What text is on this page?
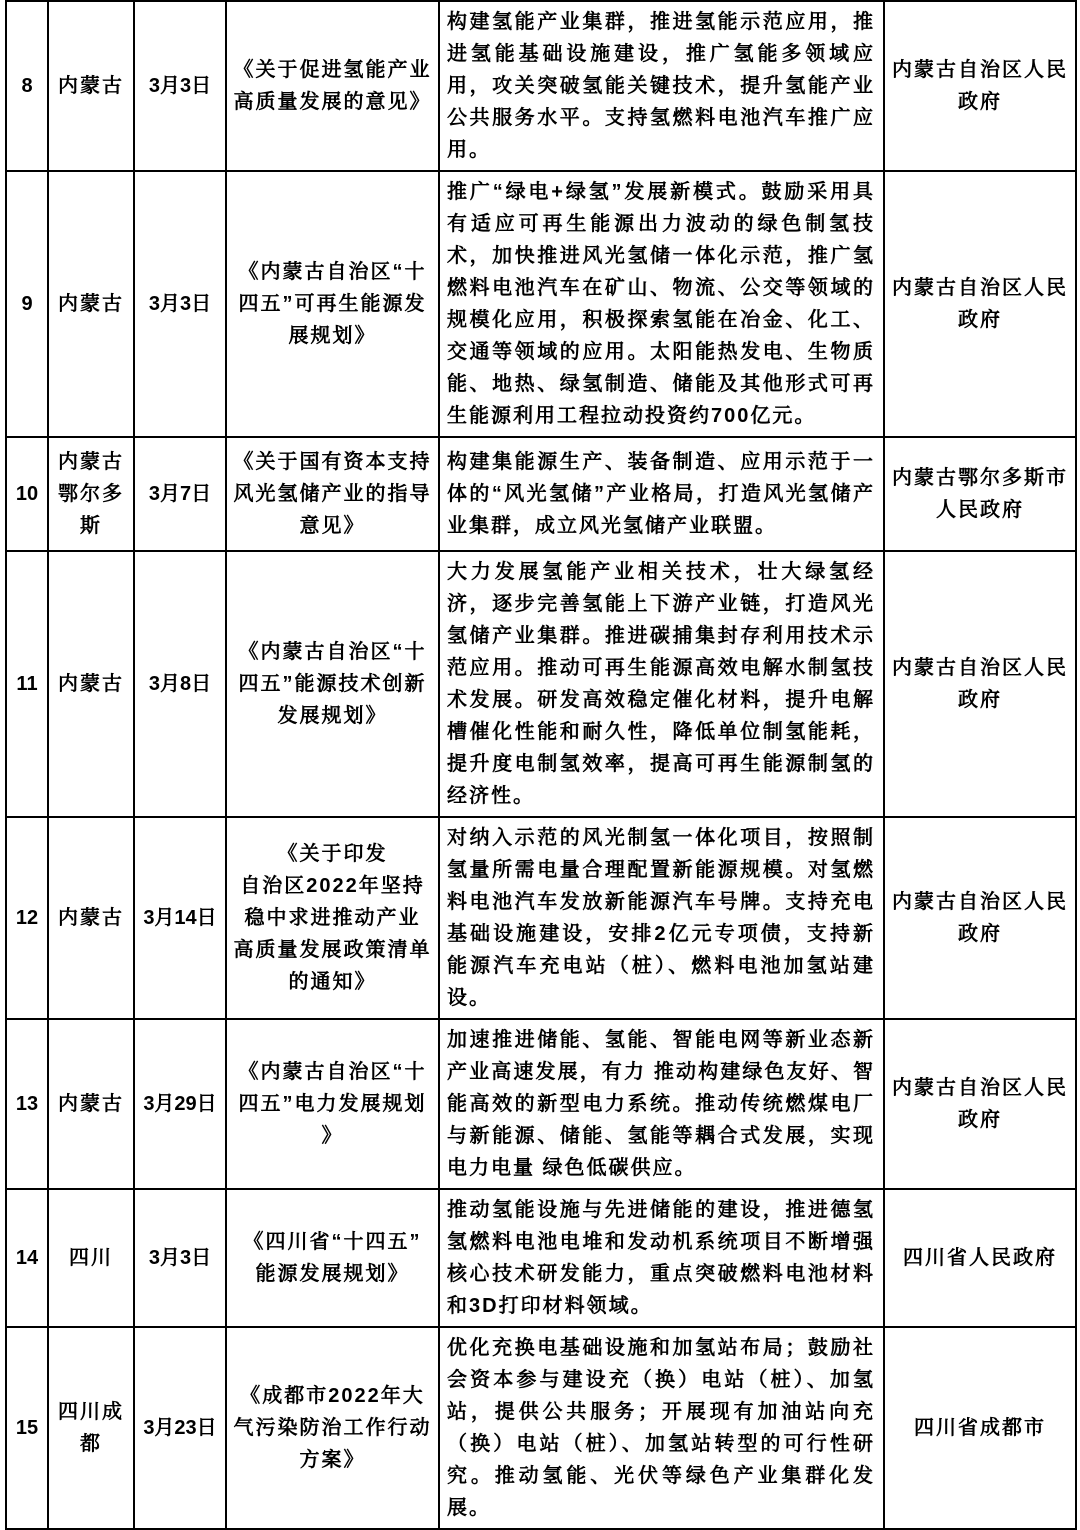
8	内蒙古	3月3日	《关于促进氢能产业
高质量发展的意见》	构建氢能产业集群，推进氢能示范应用，推进氢能基础设施建设，推广氢能多领域应用，攻关突破氢能关键技术，提升氢能产业公共服务水平。支持氢燃料电池汽车推广应用。	内蒙古自治区人民政府
9	内蒙古	3月3日	《内蒙古自治区“十
四五”可再生能源发
展规划》	推广“绿电+绿氢”发展新模式。鼓励采用具有适应可再生能源出力波动的绿色制氢技术，加快推进风光氢储一体化示范，推广氢燃料电池汽车在矿山、物流、公交等领域的规模化应用，积极探索氢能在冶金、化工、交通等领域的应用。太阳能热发电、生物质能、地热、绿氢制造、储能及其他形式可再生能源利用工程拉动投资约700亿元。	内蒙古自治区人民政府
10	内蒙古鄂尔多斯	3月7日	《关于国有资本支持
风光氢储产业的指导
意见》	构建集能源生产、装备制造、应用示范于一体的“风光氢储”产业格局，打造风光氢储产业集群，成立风光氢储产业联盟。	内蒙古鄂尔多斯市人民政府
11	内蒙古	3月8日	《内蒙古自治区“十
四五”能源技术创新
发展规划》	大力发展氢能产业相关技术，壮大绿氢经济，逐步完善氢能上下游产业链，打造风光氢储产业集群。推进碳捕集封存利用技术示范应用。推动可再生能源高效电解水制氢技术发展。研发高效稳定催化材料，提升电解槽催化性能和耐久性，降低单位制氢能耗，提升度电制氢效率，提高可再生能源制氢的经济性。	内蒙古自治区人民政府
12	内蒙古	3月14日	《关于印发
自治区2022年坚持
稳中求进推动产业
高质量发展政策清单
的通知》	对纳入示范的风光制氢一体化项目，按照制氢量所需电量合理配置新能源规模。对氢燃料电池汽车发放新能源汽车号牌。支持充电基础设施建设，安排2亿元专项债，支持新能源汽车充电站（桩）、燃料电池加氢站建设。	内蒙古自治区人民政府
13	内蒙古	3月29日	《内蒙古自治区“十
四五”电力发展规划
》	加速推进储能、氢能、智能电网等新业态新产业高速发展，有力 推动构建绿色友好、智能高效的新型电力系统。推动传统燃煤电厂与新能源、储能、氢能等耦合式发展，实现电力电量 绿色低碳供应。	内蒙古自治区人民政府
14	四川	3月3日	《四川省“十四五”
能源发展规划》	推动氢能设施与先进储能的建设，推进德氢氢燃料电池电堆和发动机系统项目不断增强核心技术研发能力，重点突破燃料电池材料和3D打印材料领域。	四川省人民政府
15	四川成都	3月23日	《成都市2022年大
气污染防治工作行动
方案》	优化充换电基础设施和加氢站布局；鼓励社会资本参与建设充（换）电站（桩）、加氢站，提供公共服务；开展现有加油站向充（换）电站（桩）、加氢站转型的可行性研究。推动氢能、光伏等绿色产业集群化发展。	四川省成都市
